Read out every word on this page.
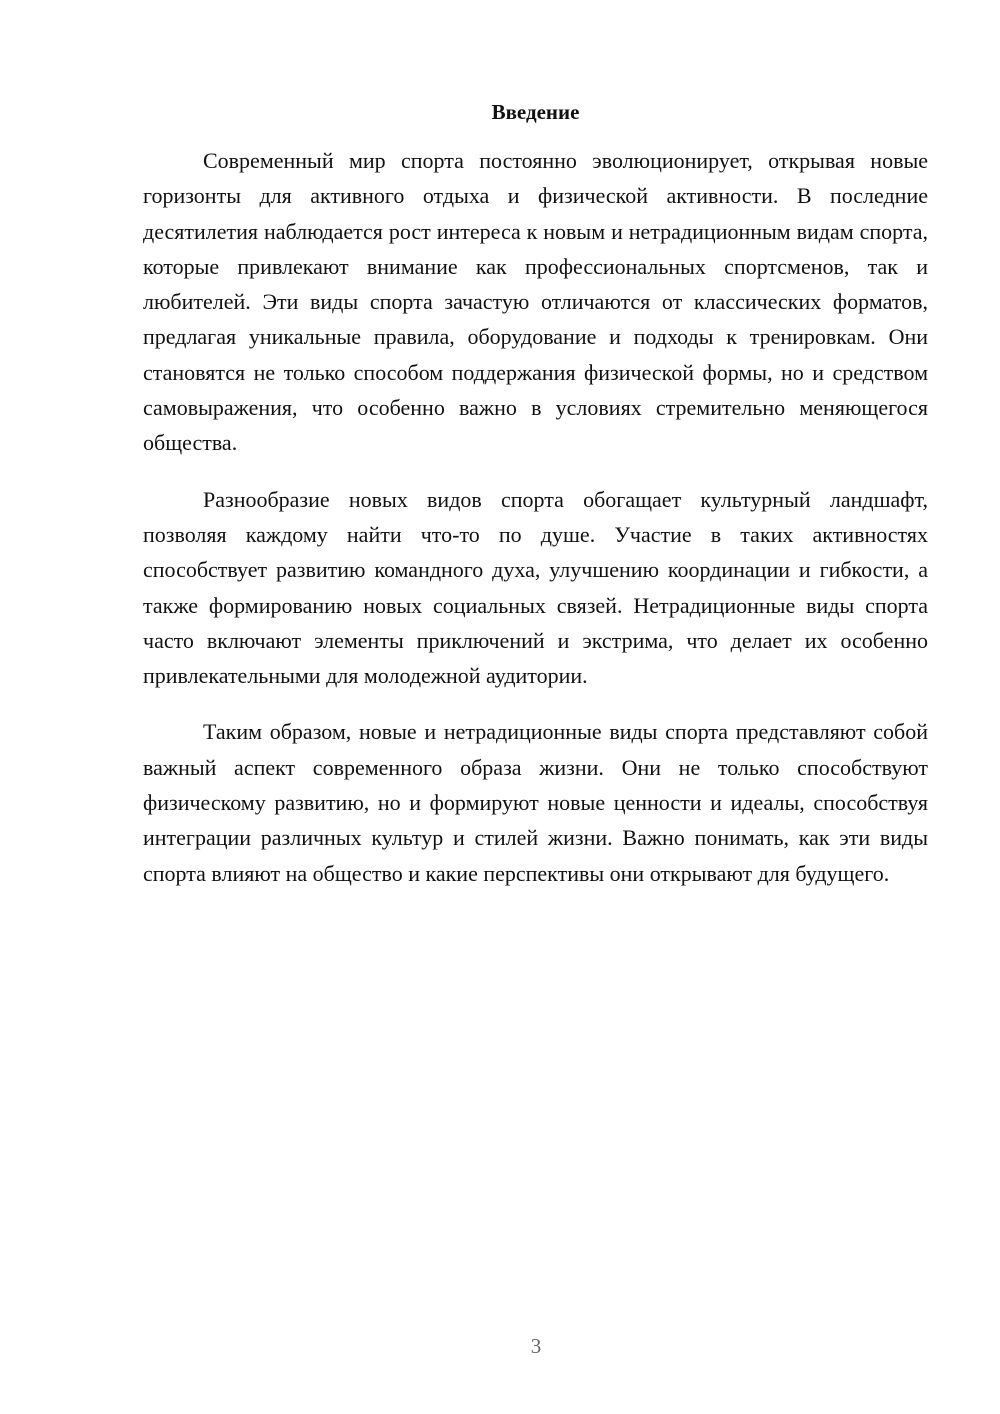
Введение

Современный мир спорта постоянно эволюционирует, открывая новые горизонты для активного отдыха и физической активности. В последние десятилетия наблюдается рост интереса к новым и нетрадиционным видам спорта, которые привлекают внимание как профессиональных спортсменов, так и любителей. Эти виды спорта зачастую отличаются от классических форматов, предлагая уникальные правила, оборудование и подходы к тренировкам. Они становятся не только способом поддержания физической формы, но и средством самовыражения, что особенно важно в условиях стремительно меняющегося общества.

Разнообразие новых видов спорта обогащает культурный ландшафт, позволяя каждому найти что-то по душе. Участие в таких активностях способствует развитию командного духа, улучшению координации и гибкости, а также формированию новых социальных связей. Нетрадиционные виды спорта часто включают элементы приключений и экстрима, что делает их особенно привлекательными для молодежной аудитории.

Таким образом, новые и нетрадиционные виды спорта представляют собой важный аспект современного образа жизни. Они не только способствуют физическому развитию, но и формируют новые ценности и идеалы, способствуя интеграции различных культур и стилей жизни. Важно понимать, как эти виды спорта влияют на общество и какие перспективы они открывают для будущего.

3
